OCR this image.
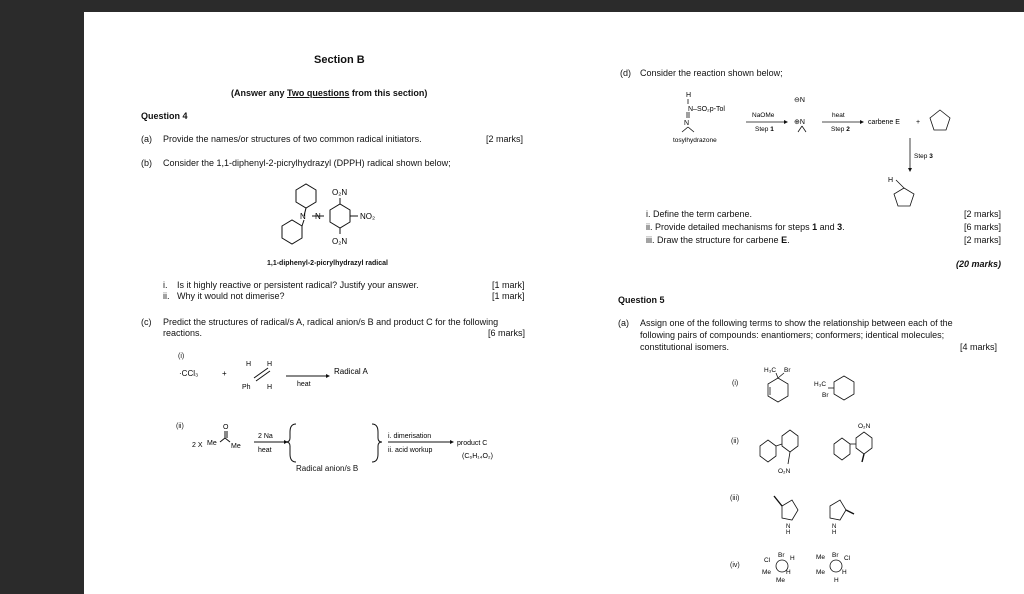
Section B
(Answer any Two questions from this section)
Question 4
(a) Provide the names/or structures of two common radical initiators.	[2 marks]
(b) Consider the 1,1-diphenyl-2-picrylhydrazyl (DPPH) radical shown below;
N N
O₂N
NO₂
O₂N
1,1-diphenyl-2-picrylhydrazyl radical
i. Is it highly reactive or persistent radical? Justify your answer.	[1 mark]
ii. Why it would not dimerise?	[1 mark]
(c) Predict the structures of radical/s A, radical anion/s B and product C for the following
reactions.	[6 marks]
(i)
·CCl₃	+
H H
Ph H	heat
Radical A
(ii)
2 X Me Me
O
2 Na
heat
i. dimerisation
ii. acid workup
product C
(C₆H₁₄O₂)
Radical anion/s B
(d) Consider the reaction shown below;
H
N–SO₂p-Tol
N
tosylhydrazone
NaOMe
Step 1
⊖N
⊕N
heat
Step 2
carbene E +
Step 3
H
i. Define the term carbene.	[2 marks]
ii. Provide detailed mechanisms for steps 1 and 3.	[6 marks]
iii. Draw the structure for carbene E.	[2 marks]
(20 marks)
Question 5
(a) Assign one of the following terms to show the relationship between each of the
following pairs of compounds: enantiomers; conformers; identical molecules;
constitutional isomers.	[4 marks]
(i)
H₃C Br
H₃C
Br
(ii)
O₂N
O₂N
(iii)
N
H
N
H
(iv)
Cl
Br H
Me H
Me
Me Br Cl
Me	H
H
